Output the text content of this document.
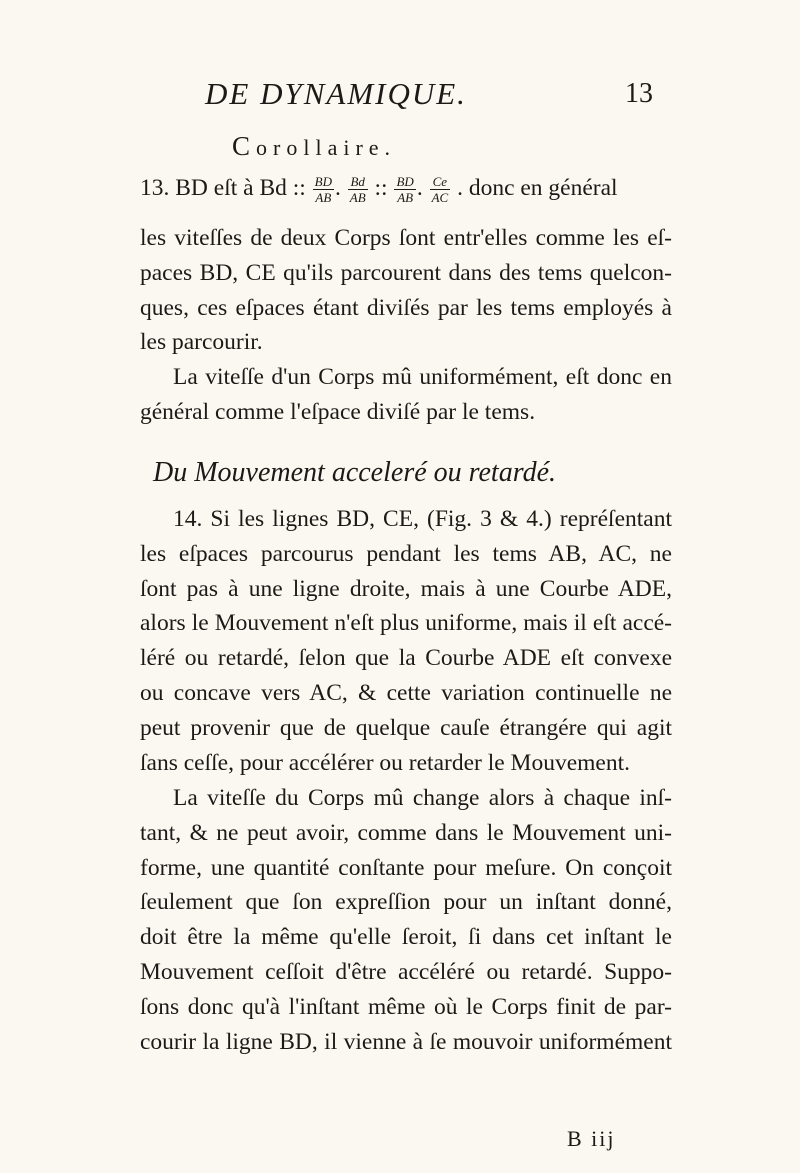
DE DYNAMIQUE.	13
Corollaire.
13. BD eſt à Bd :: $\frac{BD}{AB}$ . $\frac{Bd}{AB}$ :: $\frac{BD}{AB}$ . $\frac{Ce}{AC}$ . donc en général
les viteſſes de deux Corps ſont entr'elles comme les eſ-
paces BD, CE qu'ils parcourent dans des tems quelcon-
ques, ces eſpaces étant diviſés par les tems employés à
les parcourir.
La viteſſe d'un Corps mû uniformément, eſt donc en
général comme l'eſpace diviſé par le tems.
Du Mouvement acceleré ou retardé.
14. Si les lignes BD, CE, (Fig. 3 & 4.) repréſentant
les eſpaces parcourus pendant les tems AB, AC, ne
ſont pas à une ligne droite, mais à une Courbe ADE,
alors le Mouvement n'eſt plus uniforme, mais il eſt accé-
léré ou retardé, ſelon que la Courbe ADE eſt convexe
ou concave vers AC, & cette variation continuelle ne
peut provenir que de quelque cauſe étrangére qui agit
ſans ceſſe, pour accélérer ou retarder le Mouvement.
La viteſſe du Corps mû change alors à chaque inſ-
tant, & ne peut avoir, comme dans le Mouvement uni-
forme, une quantité conſtante pour meſure. On conçoit
ſeulement que ſon expreſſion pour un inſtant donné,
doit être la même qu'elle ſeroit, ſi dans cet inſtant le
Mouvement ceſſoit d'être accéléré ou retardé. Suppo-
ſons donc qu'à l'inſtant même où le Corps finit de par-
courir la ligne BD, il vienne à ſe mouvoir uniformément
B iij
